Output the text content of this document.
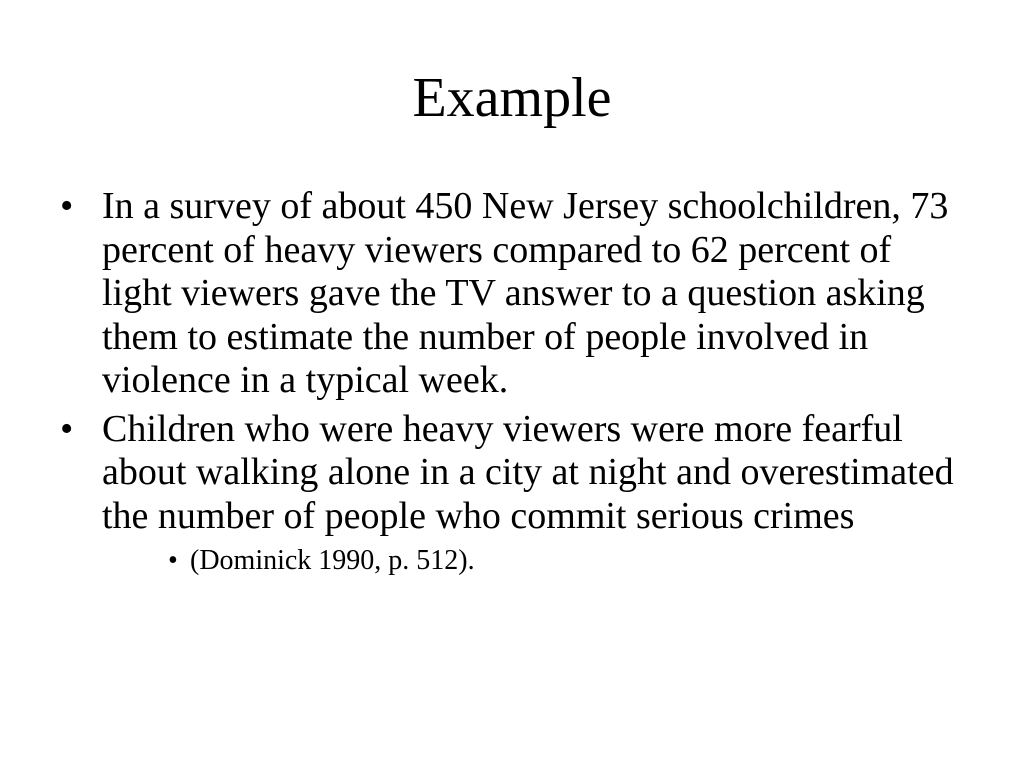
Example
• In a survey of about 450 New Jersey schoolchildren, 73 percent of heavy viewers compared to 62 percent of light viewers gave the TV answer to a question asking them to estimate the number of people involved in violence in a typical week.
• Children who were heavy viewers were more fearful about walking alone in a city at night and overestimated the number of people who commit serious crimes
• (Dominick 1990, p. 512).
